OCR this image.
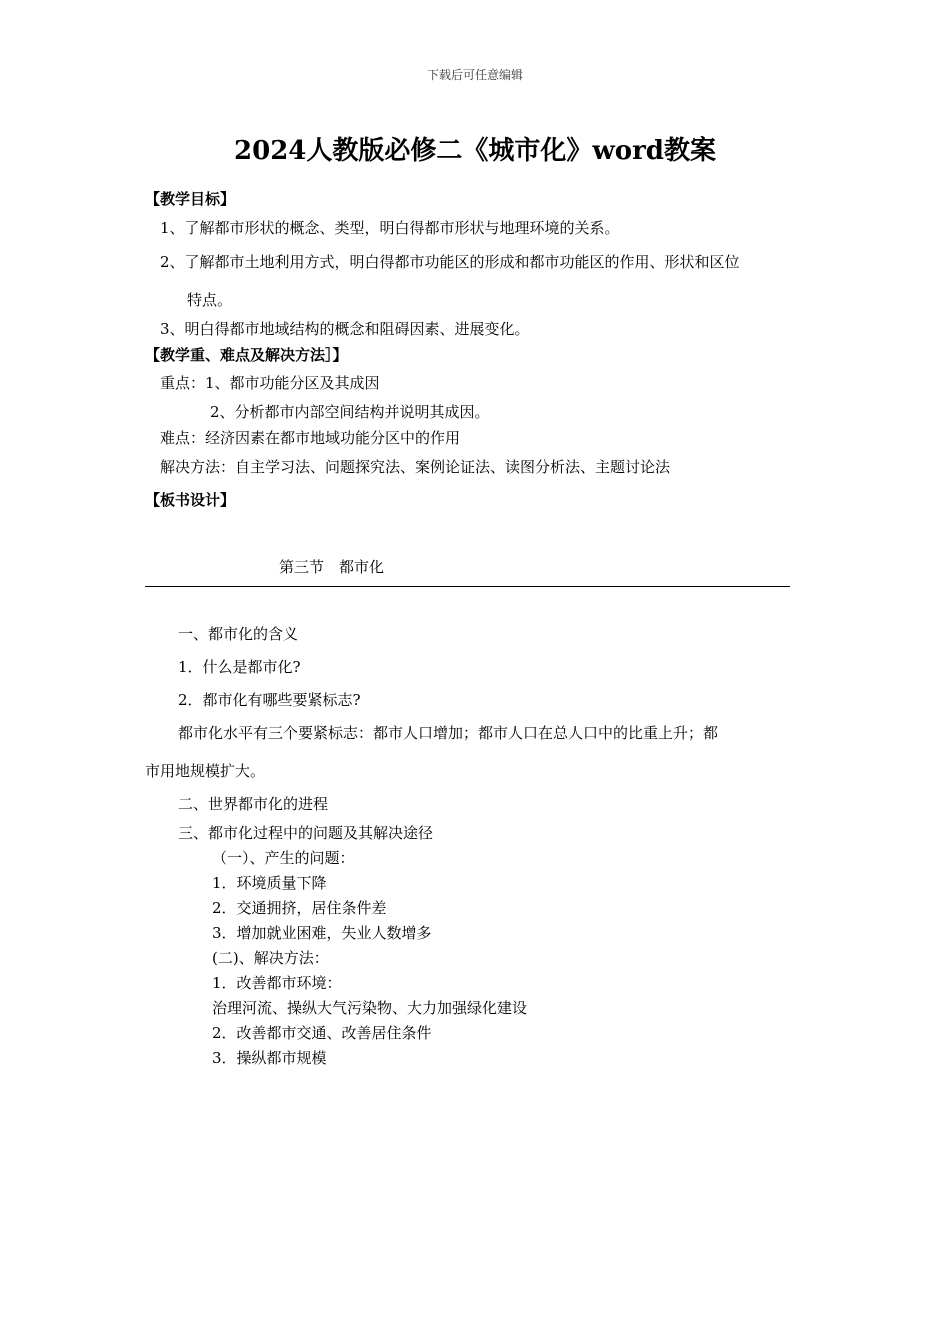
下载后可任意编辑
2024人教版必修二《城市化》word教案
【教学目标】
1、了解都市形状的概念、类型，明白得都市形状与地理环境的关系。
2、了解都市土地利用方式，明白得都市功能区的形成和都市功能区的作用、形状和区位
特点。
3、明白得都市地域结构的概念和阻碍因素、进展变化。
【教学重、难点及解决方法］】
重点：1、都市功能分区及其成因
2、分析都市内部空间结构并说明其成因。
难点：经济因素在都市地域功能分区中的作用
解决方法：自主学习法、问题探究法、案例论证法、读图分析法、主题讨论法
【板书设计】
第三节　都市化
一、都市化的含义
1．什么是都市化?
2．都市化有哪些要紧标志?
都市化水平有三个要紧标志：都市人口增加；都市人口在总人口中的比重上升；都
市用地规模扩大。
二、世界都市化的进程
三、都市化过程中的问题及其解决途径
（一）、产生的问题：
1．环境质量下降
2．交通拥挤，居住条件差
3．增加就业困难，失业人数增多
(二)、解决方法：
1．改善都市环境：
治理河流、操纵大气污染物、大力加强绿化建设
2．改善都市交通、改善居住条件
3．操纵都市规模
